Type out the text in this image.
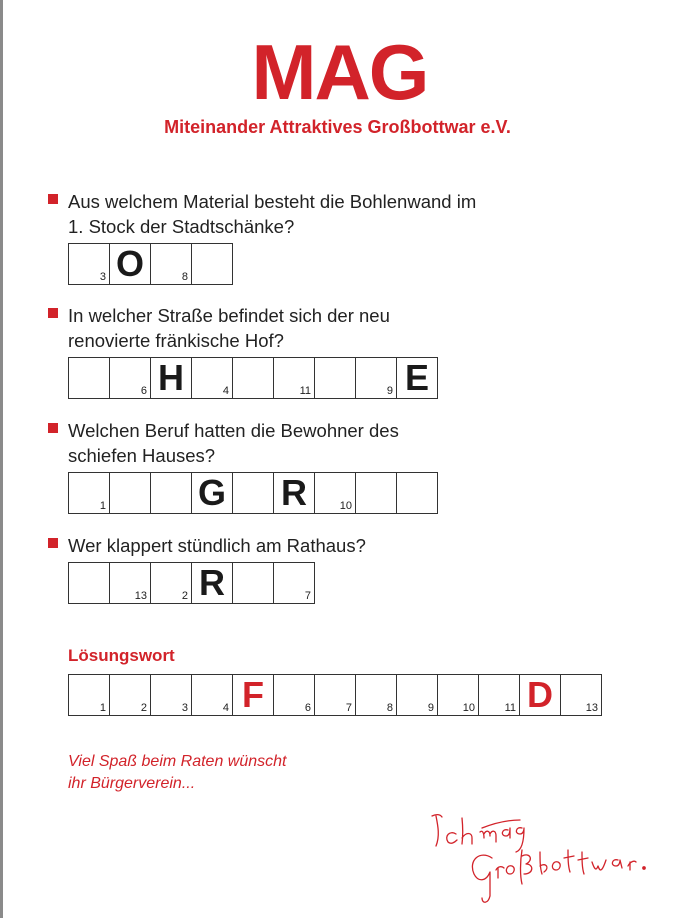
MAG
Miteinander Attraktives Großbottwar e.V.
Aus welchem Material besteht die Bohlenwand im
1. Stock der Stadtschänke?
3 O	8
In welcher Straße befindet sich der neu
renovierte fränkische Hof?
6 H	4	11	9 E
Welchen Beruf hatten die Bewohner des
schiefen Hauses?
1	G R	10
Wer klappert stündlich am Rathaus?
13	2 R	7
Lösungswort
1	2	3	4 F	6	7	8	9	10	11 D	13
Viel Spaß beim Raten wünscht
ihr Bürgerverein...
